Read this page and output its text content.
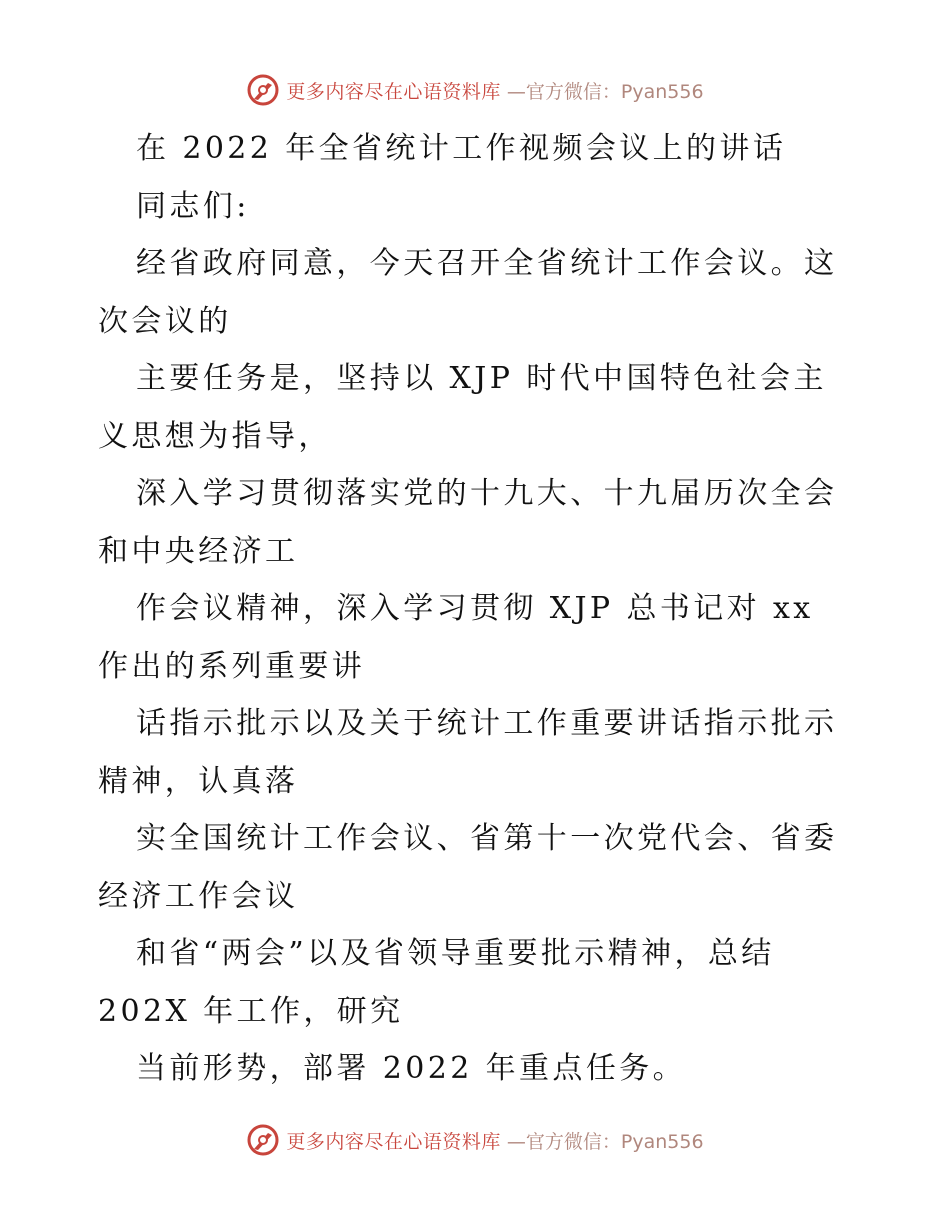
更多内容尽在心语资料库 —官方微信：Pyan556
在 2022 年全省统计工作视频会议上的讲话
同志们:
经省政府同意，今天召开全省统计工作会议。这
次会议的
主要任务是，坚持以 XJP 时代中国特色社会主
义思想为指导，
深入学习贯彻落实党的十九大、十九届历次全会
和中央经济工
作会议精神，深入学习贯彻 XJP 总书记对 xx
作出的系列重要讲
话指示批示以及关于统计工作重要讲话指示批示
精神，认真落
实全国统计工作会议、省第十一次党代会、省委
经济工作会议
和省“两会”以及省领导重要批示精神，总结
202X 年工作，研究
当前形势，部署 2022 年重点任务。
更多内容尽在心语资料库 —官方微信：Pyan556
